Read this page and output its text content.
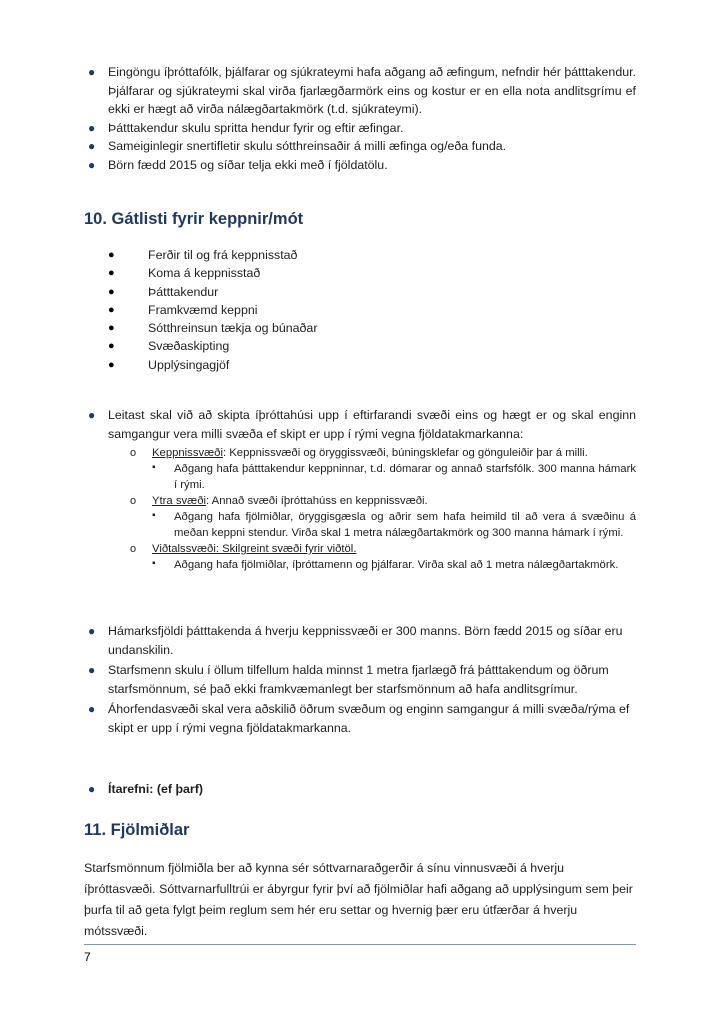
● Eingöngu íþróttafólk, þjálfarar og sjúkrateymi hafa aðgang að æfingum, nefndir hér þátttakendur. Þjálfarar og sjúkrateymi skal virða fjarlægðarmörk eins og kostur er en ella nota andlitsgrímu ef ekki er hægt að virða nálægðartakmörk (t.d. sjúkrateymi).
● Þátttakendur skulu spritta hendur fyrir og eftir æfingar.
● Sameiginlegir snertifletir skulu sótthreinsaðir á milli æfinga og/eða funda.
● Börn fædd 2015 og síðar telja ekki með í fjöldatölu.
10. Gátlisti fyrir keppnir/mót
●	Ferðir til og frá keppnisstað
●	Koma á keppnisstað
●	Þátttakendur
●	Framkvæmd keppni
●	Sótthreinsun tækja og búnaðar
●	Svæðaskipting
●	Upplýsingagjöf
● Leitast skal við að skipta íþróttahúsi upp í eftirfarandi svæði eins og hægt er og skal enginn samgangur vera milli svæða ef skipt er upp í rými vegna fjöldatakmarkanna:
o Keppnissvæði: Keppnissvæði og öryggissvæði, búningsklefar og gönguleiðir þar á milli.
▪ Aðgang hafa þátttakendur keppninnar, t.d. dómarar og annað starfsfólk. 300 manna hámark í rými.
o Ytra svæði: Annað svæði íþróttahúss en keppnissvæði.
▪ Aðgang hafa fjölmiðlar, öryggisgæsla og aðrir sem hafa heimild til að vera á svæðinu á meðan keppni stendur. Virða skal 1 metra nálægðartakmörk og 300 manna hámark í rými.
o Viðtalssvæði: Skilgreint svæði fyrir viðtöl.
▪ Aðgang hafa fjölmiðlar, íþróttamenn og þjálfarar. Virða skal að 1 metra nálægðartakmörk.
● Hámarksfjöldi þátttakenda á hverju keppnissvæði er 300 manns. Börn fædd 2015 og síðar eru undanskilin.
● Starfsmenn skulu í öllum tilfellum halda minnst 1 metra fjarlægð frá þátttakendum og öðrum starfsmönnum, sé það ekki framkvæmanlegt ber starfsmönnum að hafa andlitsgrímur.
● Áhorfendasvæði skal vera aðskilið öðrum svæðum og enginn samgangur á milli svæða/rýma ef skipt er upp í rými vegna fjöldatakmarkanna.
● Ítarefni: (ef þarf)
11. Fjölmiðlar
Starfsmönnum fjölmiðla ber að kynna sér sóttvarnaraðgerðir á sínu vinnusvæði á hverju íþróttasvæði. Sóttvarnarfulltrúi er ábyrgur fyrir því að fjölmiðlar hafi aðgang að upplýsingum sem þeir þurfa til að geta fylgt þeim reglum sem hér eru settar og hvernig þær eru útfærðar á hverju mótssvæði.
7
